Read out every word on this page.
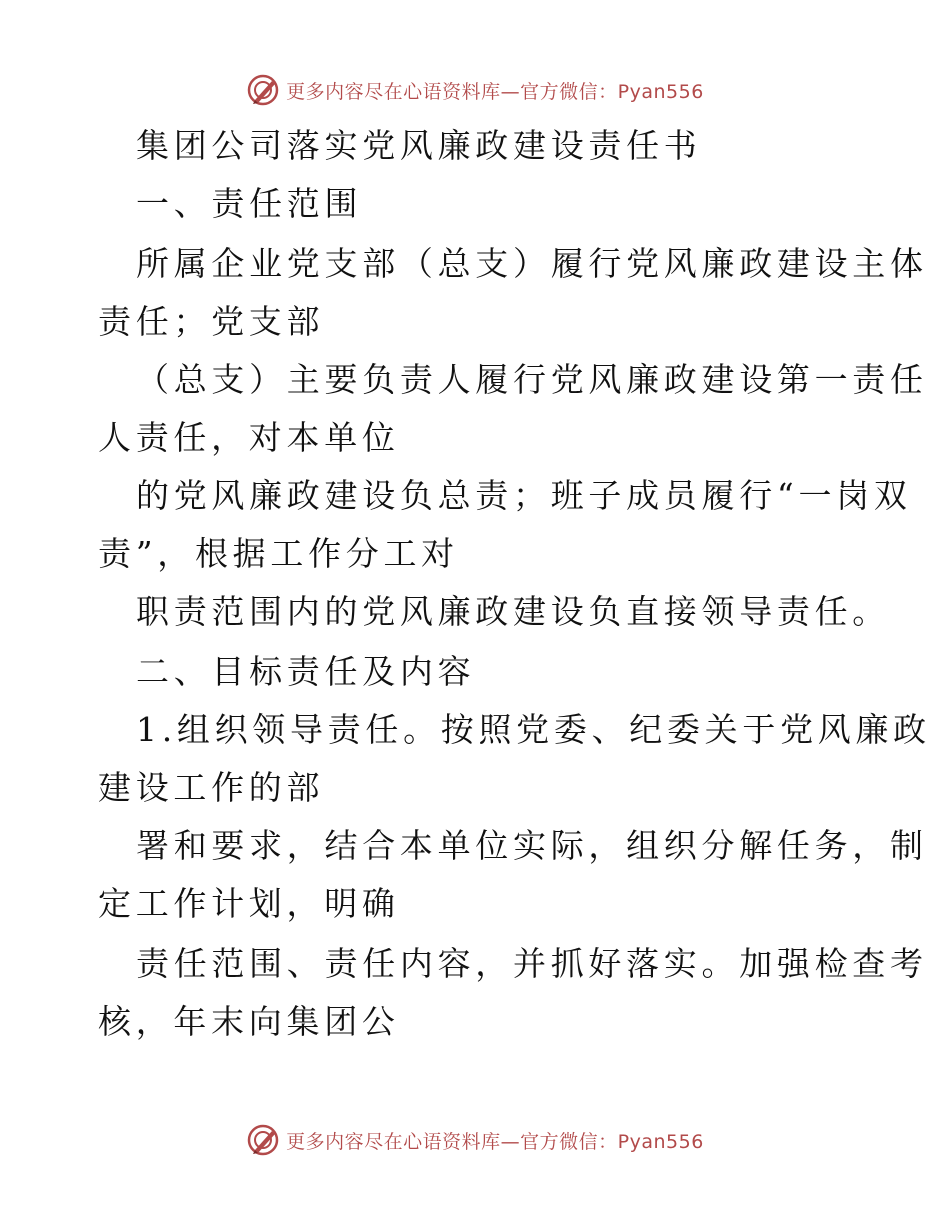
更多内容尽在心语资料库—官方微信：Pyan556
集团公司落实党风廉政建设责任书
一、责任范围
所属企业党支部（总支）履行党风廉政建设主体
责任；党支部
（总支）主要负责人履行党风廉政建设第一责任
人责任，对本单位
的党风廉政建设负总责；班子成员履行“一岗双
责”，根据工作分工对
职责范围内的党风廉政建设负直接领导责任。
二、目标责任及内容
1.组织领导责任。按照党委、纪委关于党风廉政
建设工作的部
署和要求，结合本单位实际，组织分解任务，制
定工作计划，明确
责任范围、责任内容，并抓好落实。加强检查考
核，年末向集团公
更多内容尽在心语资料库—官方微信：Pyan556
